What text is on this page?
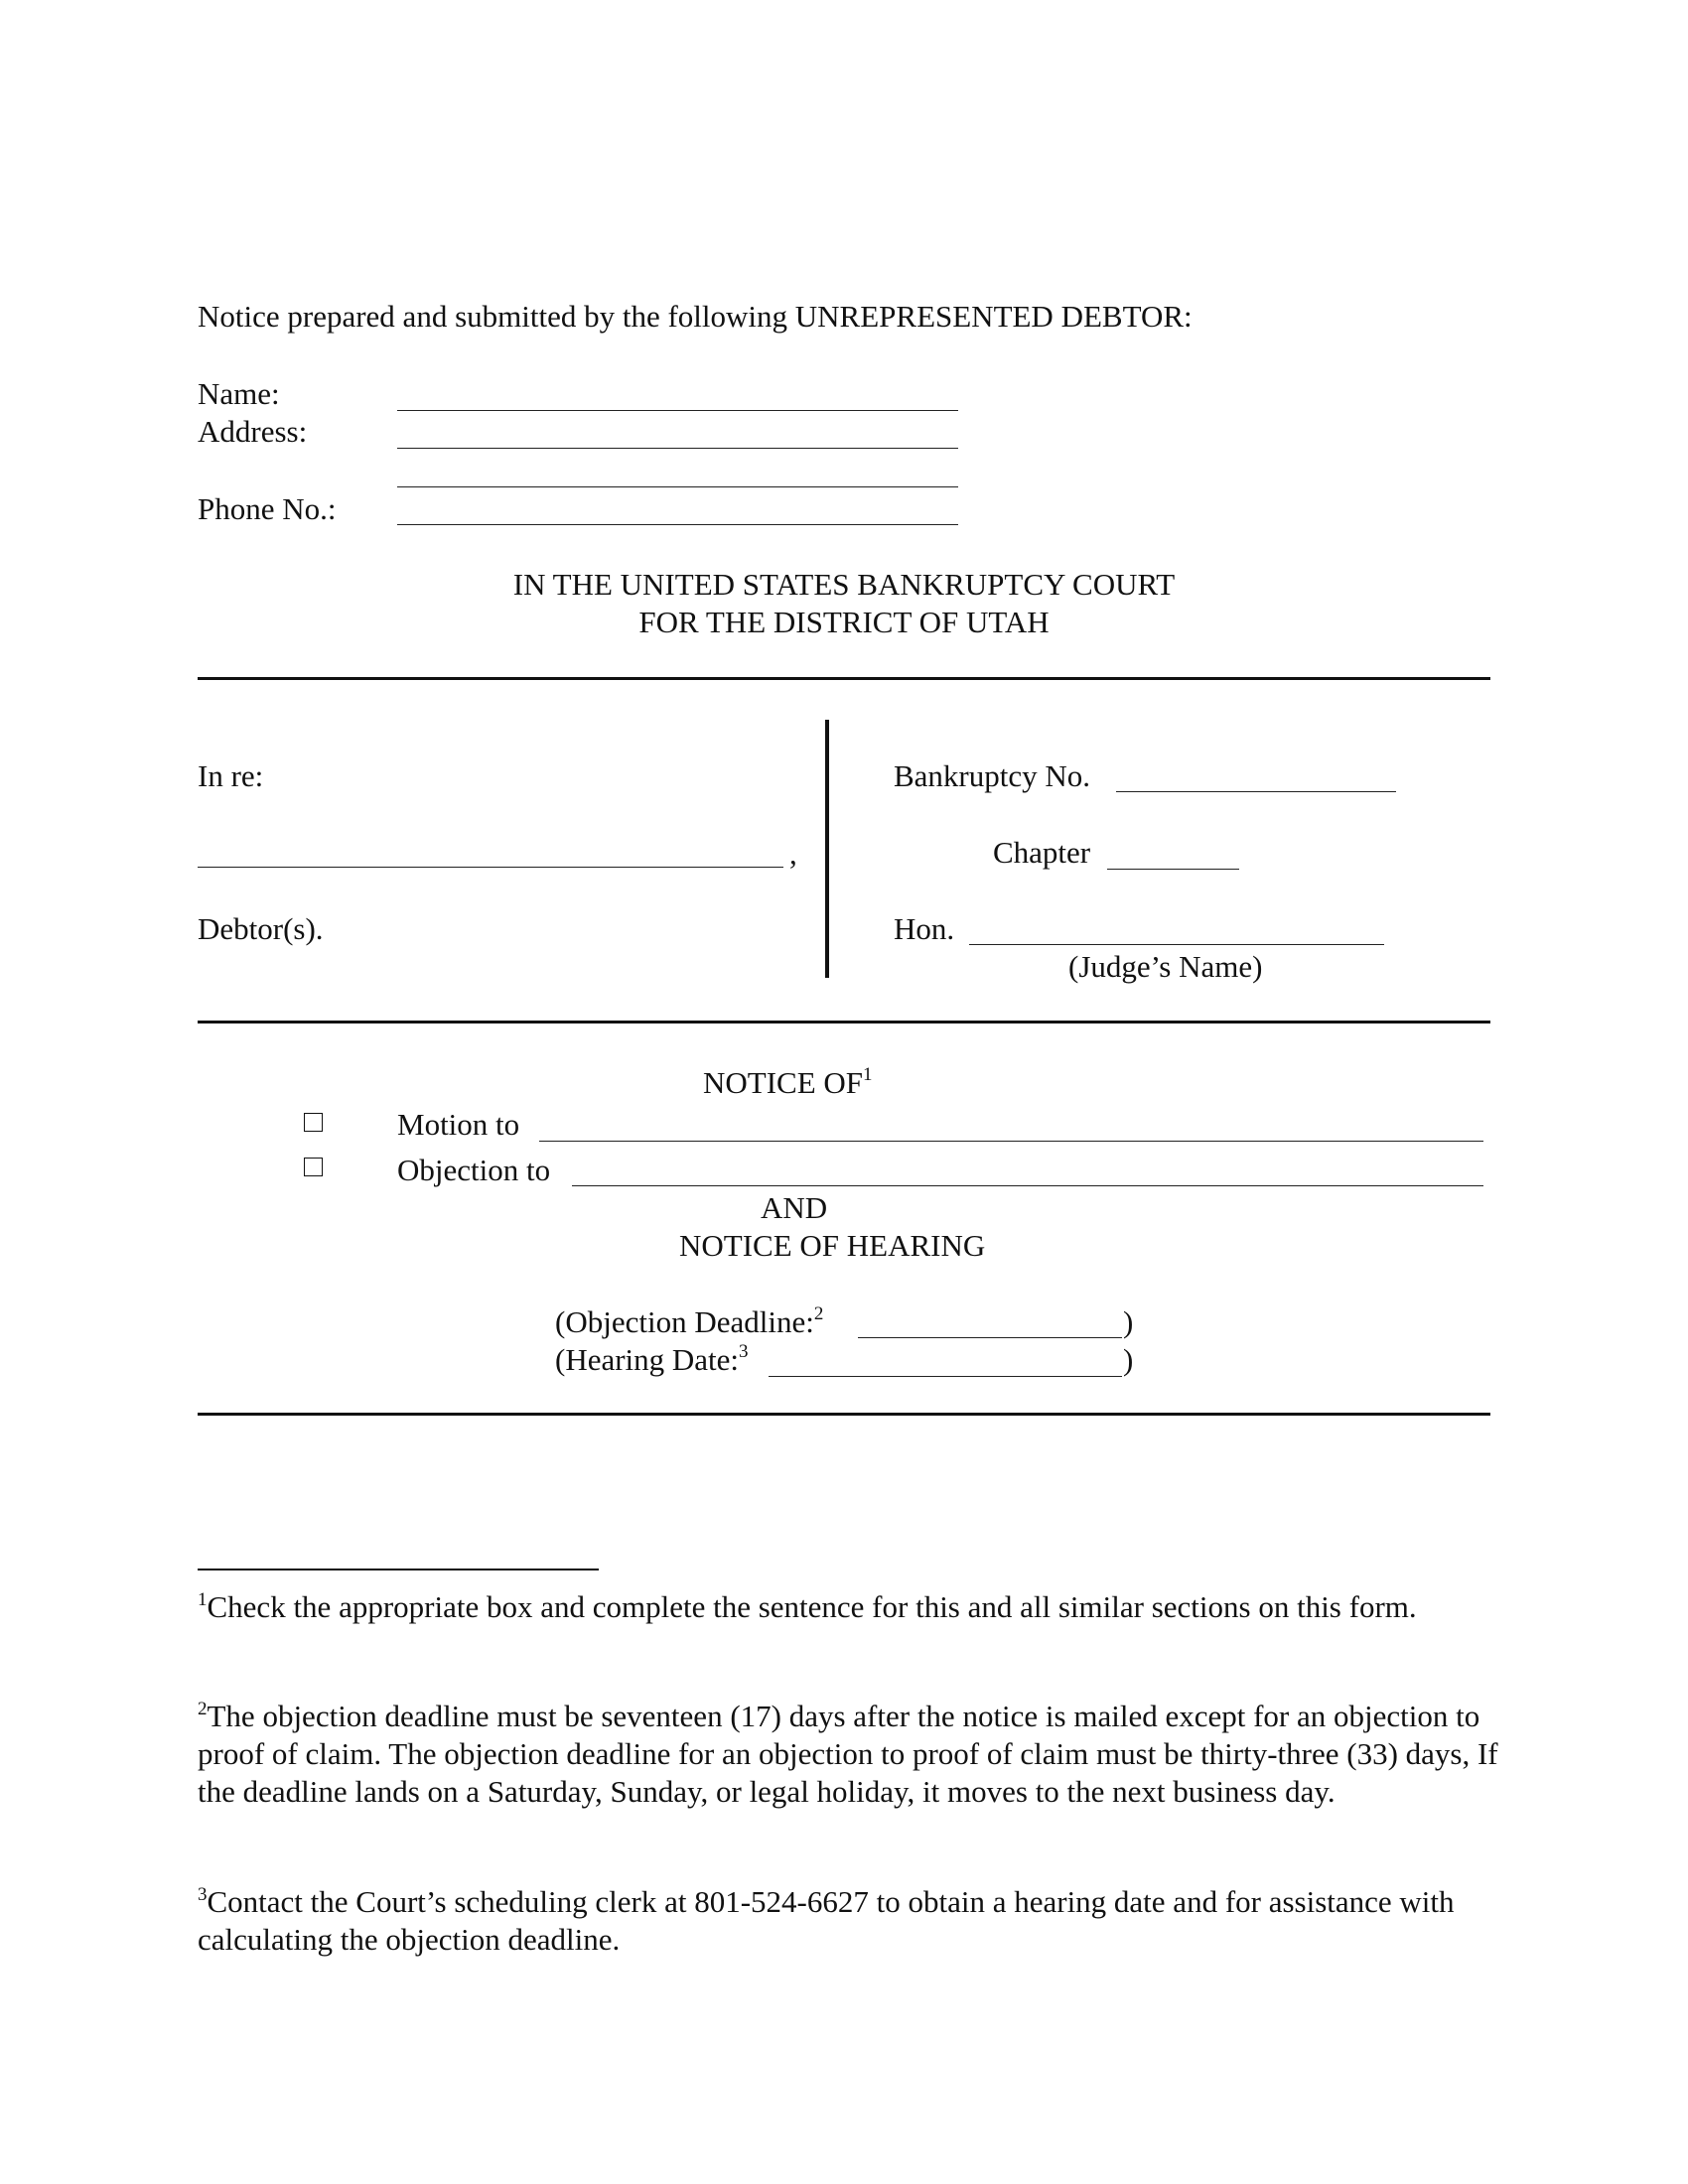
Notice prepared and submitted by the following UNREPRESENTED DEBTOR:
Name:
Address:
Phone No.:
IN THE UNITED STATES BANKRUPTCY COURT
FOR THE DISTRICT OF UTAH
In re:
,
Debtor(s).
Bankruptcy No.
Chapter
Hon.
(Judge’s Name)
NOTICE $OF^1$
Motion to
Objection to
AND
NOTICE OF HEARING
(Objection Deadline:$^2$	)
(Hearing Date:$^3$	)
$^1$Check the appropriate box and complete the sentence for this and all similar sections on this form.
$^2$The objection deadline must be seventeen (17) days after the notice is mailed except for an objection to proof of claim. The objection deadline for an objection to proof of claim must be thirty-three (33) days, If the deadline lands on a Saturday, Sunday, or legal holiday, it moves to the next business day.
$^3$Contact the Court’s scheduling clerk at 801-524-6627 to obtain a hearing date and for assistance with calculating the objection deadline.
